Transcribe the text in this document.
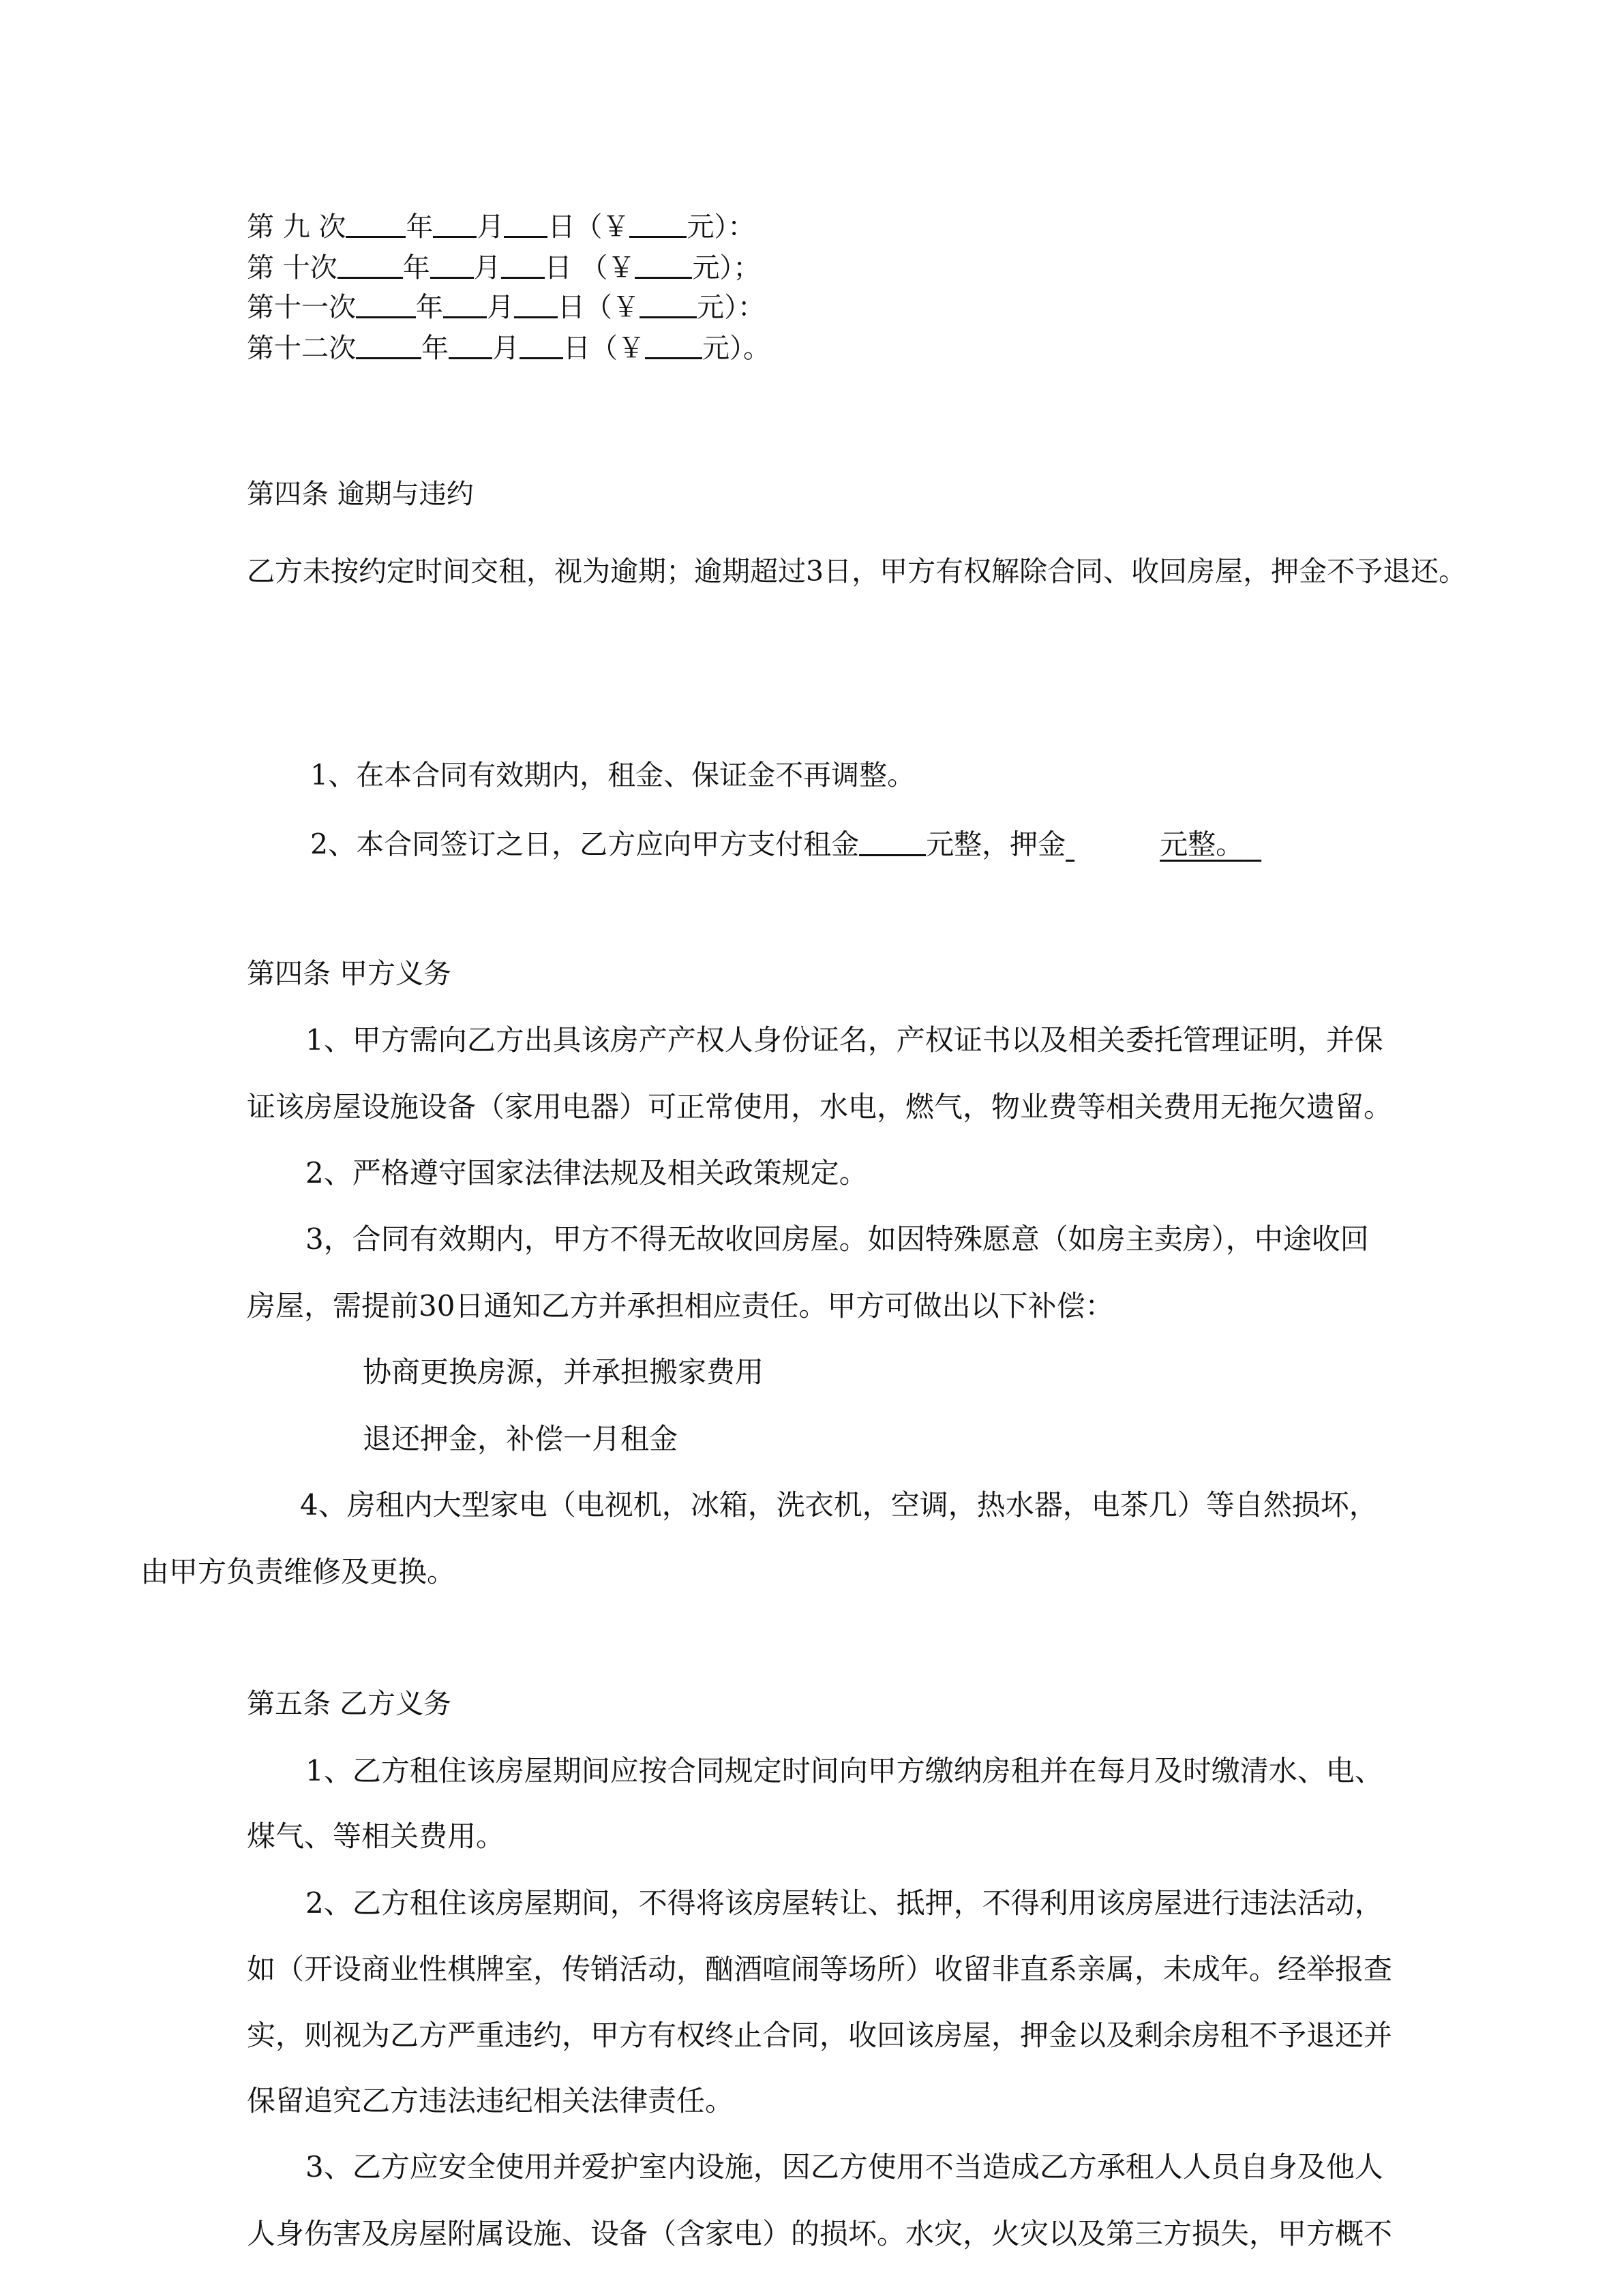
第 九 次 年 月 日（￥ 元）：
第 十次 年 月 日 （￥ 元）；
第十一次 年 月 日（￥ 元）：
第十二次 年 月 日（￥ 元）。
第四条 逾期与违约
乙方未按约定时间交租，视为逾期；逾期超过3日，甲方有权解除合同、收回房屋，押金不予退还。
1、在本合同有效期内，租金、保证金不再调整。
2、本合同签订之日，乙方应向甲方支付租金 元整，押金	元整。
第四条 甲方义务
1、甲方需向乙方出具该房产产权人身份证名，产权证书以及相关委托管理证明，并保
证该房屋设施设备（家用电器）可正常使用，水电，燃气，物业费等相关费用无拖欠遗留。
2、严格遵守国家法律法规及相关政策规定。
3，合同有效期内，甲方不得无故收回房屋。如因特殊愿意（如房主卖房），中途收回
房屋，需提前30日通知乙方并承担相应责任。甲方可做出以下补偿：
协商更换房源，并承担搬家费用
退还押金，补偿一月租金
4、房租内大型家电（电视机，冰箱，洗衣机，空调，热水器，电茶几）等自然损坏，
由甲方负责维修及更换。
第五条 乙方义务
1、乙方租住该房屋期间应按合同规定时间向甲方缴纳房租并在每月及时缴清水、电、
煤气、等相关费用。
2、乙方租住该房屋期间，不得将该房屋转让、抵押，不得利用该房屋进行违法活动，
如（开设商业性棋牌室，传销活动，酗酒喧闹等场所）收留非直系亲属，未成年。经举报查
实，则视为乙方严重违约，甲方有权终止合同，收回该房屋，押金以及剩余房租不予退还并
保留追究乙方违法违纪相关法律责任。
3、乙方应安全使用并爱护室内设施，因乙方使用不当造成乙方承租人人员自身及他人
人身伤害及房屋附属设施、设备（含家电）的损坏。水灾，火灾以及第三方损失，甲方概不
